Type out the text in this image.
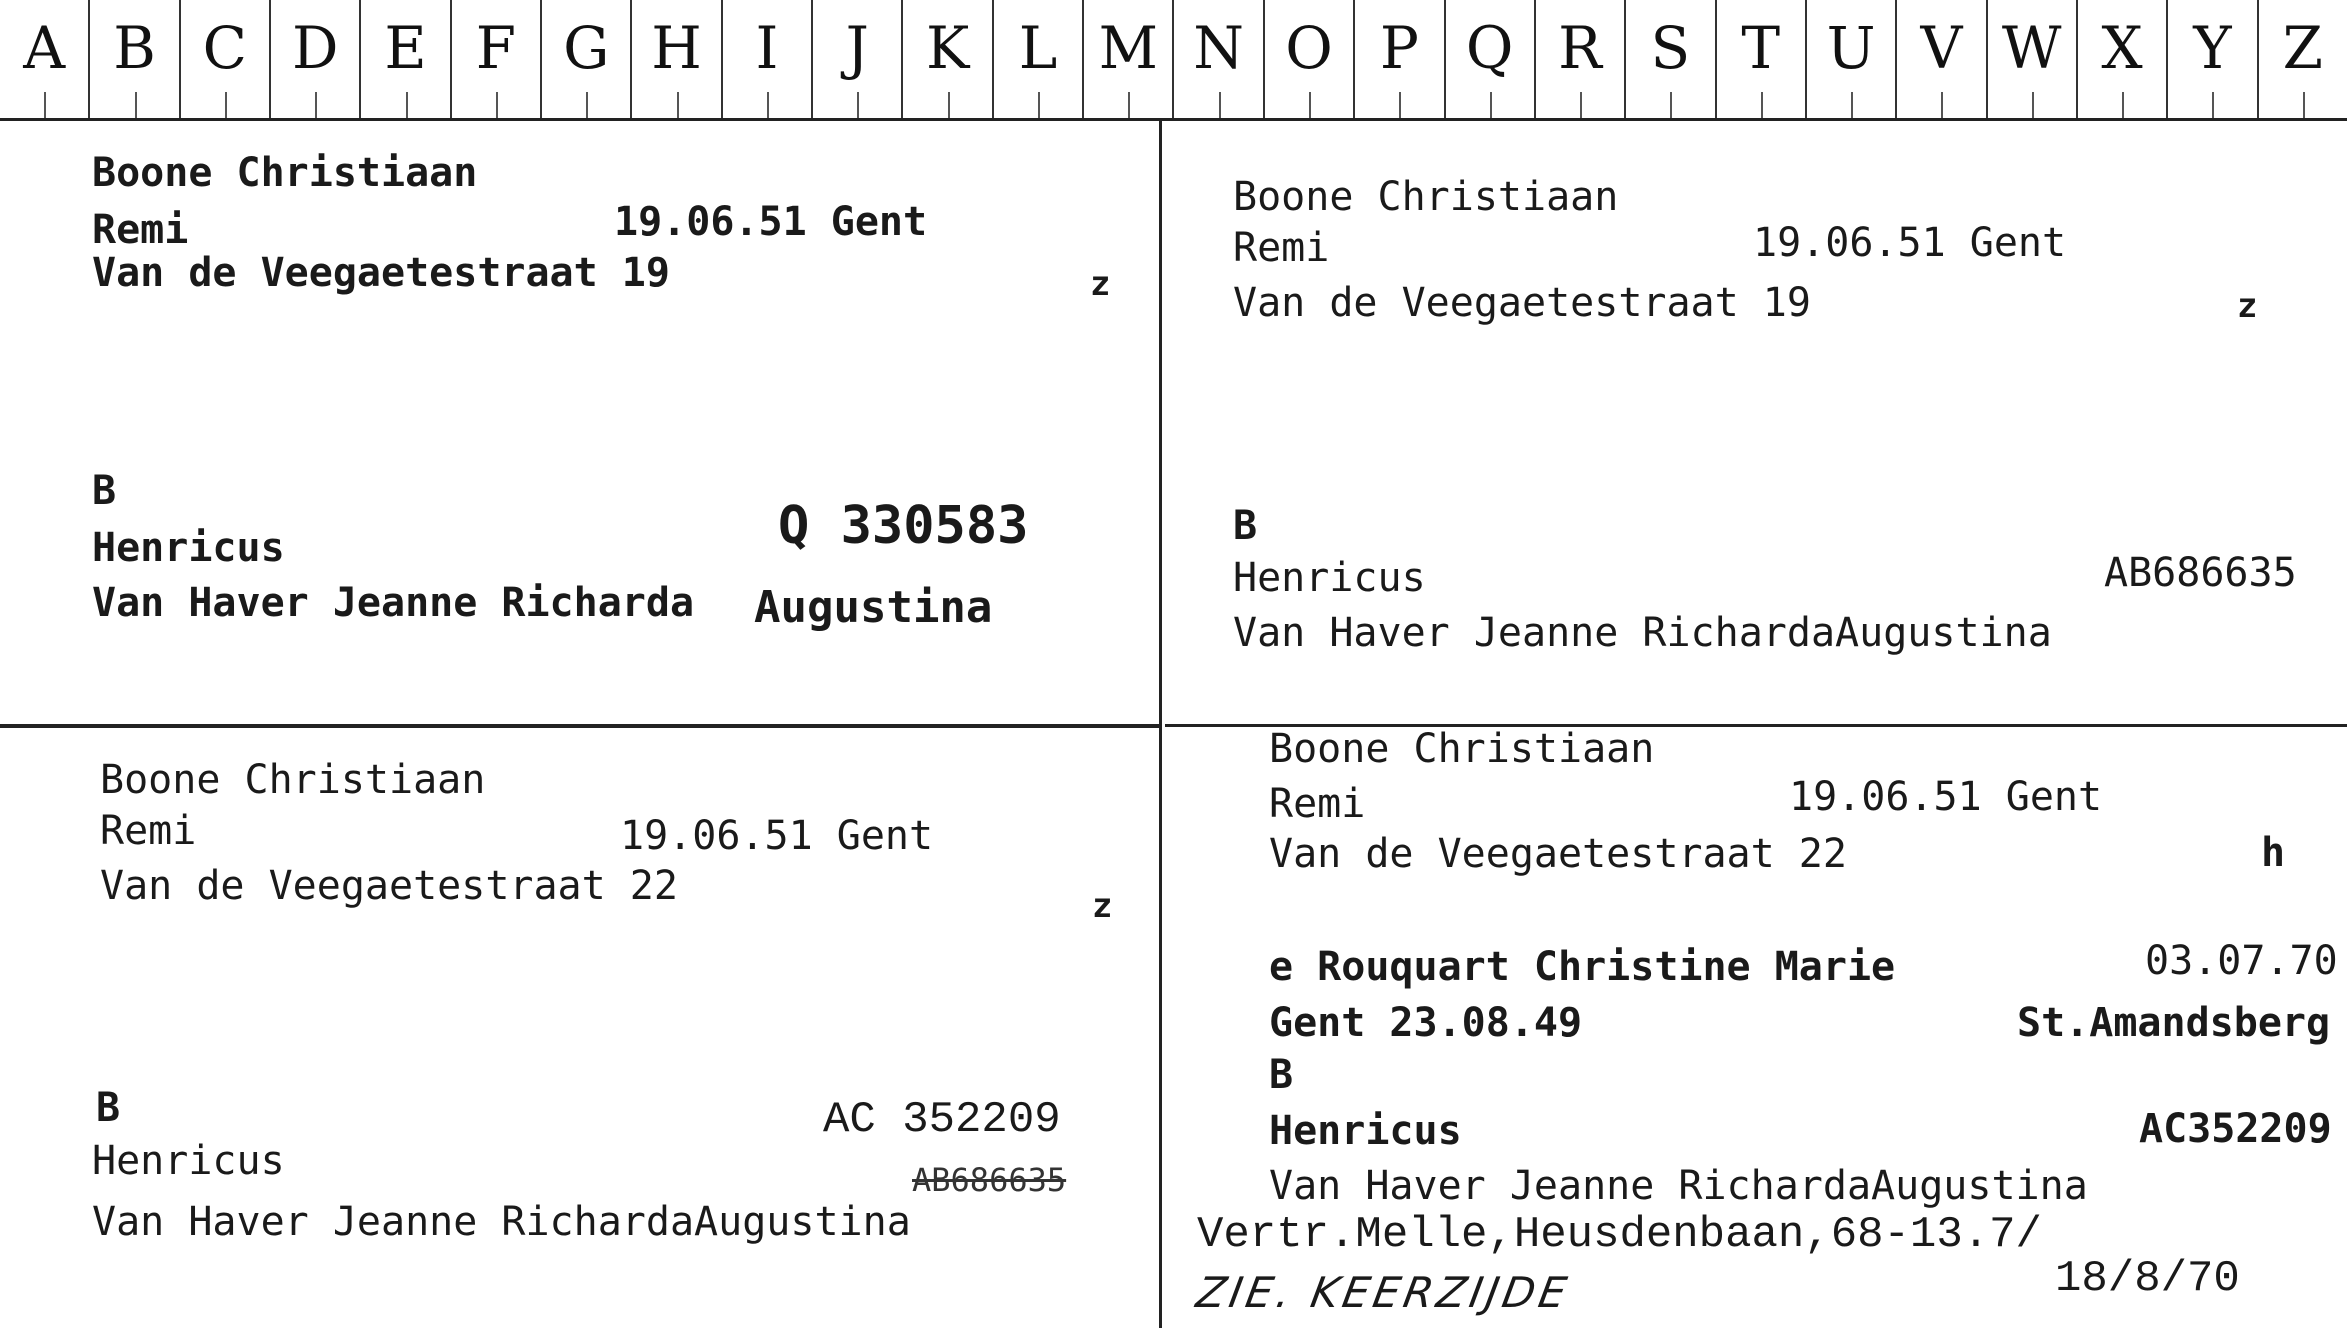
A B C D E F G H I	J K L M N O P Q R S T U V W X Y Z
Boone Christiaan
Remi	19.06.51 Gent
Van de Veegaetestraat 19	z
B
Henricus	Q 330583
Van Haver Jeanne Richarda Augustina
Boone Christiaan
Remi	19.06.51 Gent
Van de Veegaetestraat 19	z
B
Henricus	AB686635
Van Haver Jeanne RichardaAugustina
Boone Christiaan
Remi	19.06.51 Gent
Van de Veegaetestraat 22	z
B	AC 352209
Henricus	AB686635
Van Haver Jeanne RichardaAugustina
Boone Christiaan
Remi	19.06.51 Gent
Van de Veegaetestraat 22	h
e Rouquart Christine Marie	03.07.70
Gent 23.08.49	St.Amandsberg
B
Henricus	AC352209
Van Haver Jeanne RichardaAugustina
Vertr.Melle,Heusdenbaan,68-13.7/
ZIE. KEERZIJDE	18/8/70
